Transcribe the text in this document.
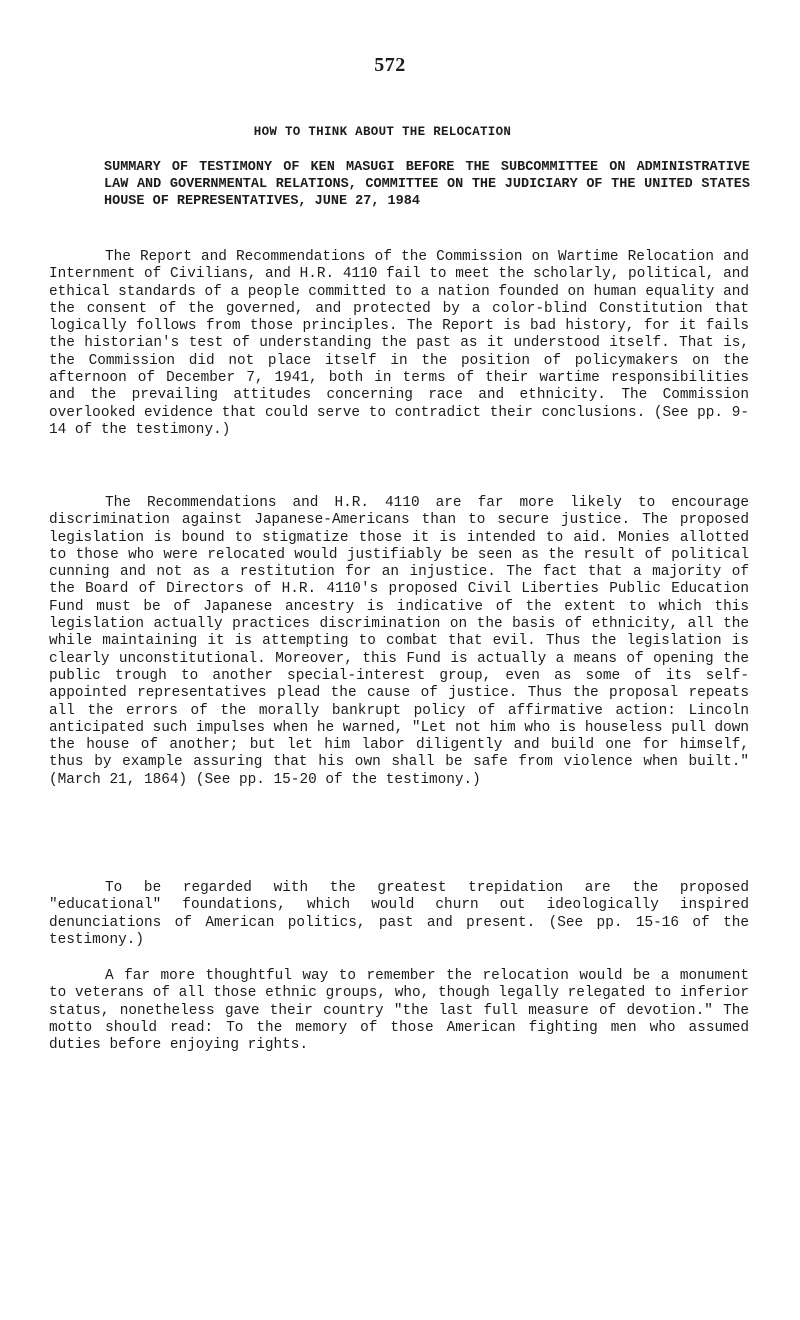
572
HOW TO THINK ABOUT THE RELOCATION
SUMMARY OF TESTIMONY OF KEN MASUGI BEFORE THE SUBCOMMITTEE ON ADMINISTRATIVE LAW AND GOVERNMENTAL RELATIONS, COMMITTEE ON THE JUDICIARY OF THE UNITED STATES HOUSE OF REPRESENTATIVES, JUNE 27, 1984

The Report and Recommendations of the Commission on Wartime Relocation and Internment of Civilians, and H.R. 4110 fail to meet the scholarly, political, and ethical standards of a people committed to a nation founded on human equality and the consent of the governed, and protected by a color-blind Constitution that logically follows from those principles. The Report is bad history, for it fails the historian's test of understanding the past as it understood itself. That is, the Commission did not place itself in the position of policymakers on the afternoon of December 7, 1941, both in terms of their wartime responsibilities and the prevailing attitudes concerning race and ethnicity. The Commission overlooked evidence that could serve to contradict their conclusions. (See pp. 9-14 of the testimony.)

The Recommendations and H.R. 4110 are far more likely to encourage discrimination against Japanese-Americans than to secure justice. The proposed legislation is bound to stigmatize those it is intended to aid. Monies allotted to those who were relocated would justifiably be seen as the result of political cunning and not as a restitution for an injustice. The fact that a majority of the Board of Directors of H.R. 4110's proposed Civil Liberties Public Education Fund must be of Japanese ancestry is indicative of the extent to which this legislation actually practices discrimination on the basis of ethnicity, all the while maintaining it is attempting to combat that evil. Thus the legislation is clearly unconstitutional. Moreover, this Fund is actually a means of opening the public trough to another special-interest group, even as some of its self-appointed representatives plead the cause of justice. Thus the proposal repeats all the errors of the morally bankrupt policy of affirmative action: Lincoln anticipated such impulses when he warned, "Let not him who is houseless pull down the house of another; but let him labor diligently and build one for himself, thus by example assuring that his own shall be safe from violence when built." (March 21, 1864) (See pp. 15-20 of the testimony.)

To be regarded with the greatest trepidation are the proposed "educational" foundations, which would churn out ideologically inspired denunciations of American politics, past and present. (See pp. 15-16 of the testimony.)

A far more thoughtful way to remember the relocation would be a monument to veterans of all those ethnic groups, who, though legally relegated to inferior status, nonetheless gave their country "the last full measure of devotion." The motto should read: To the memory of those American fighting men who assumed duties before enjoying rights.
